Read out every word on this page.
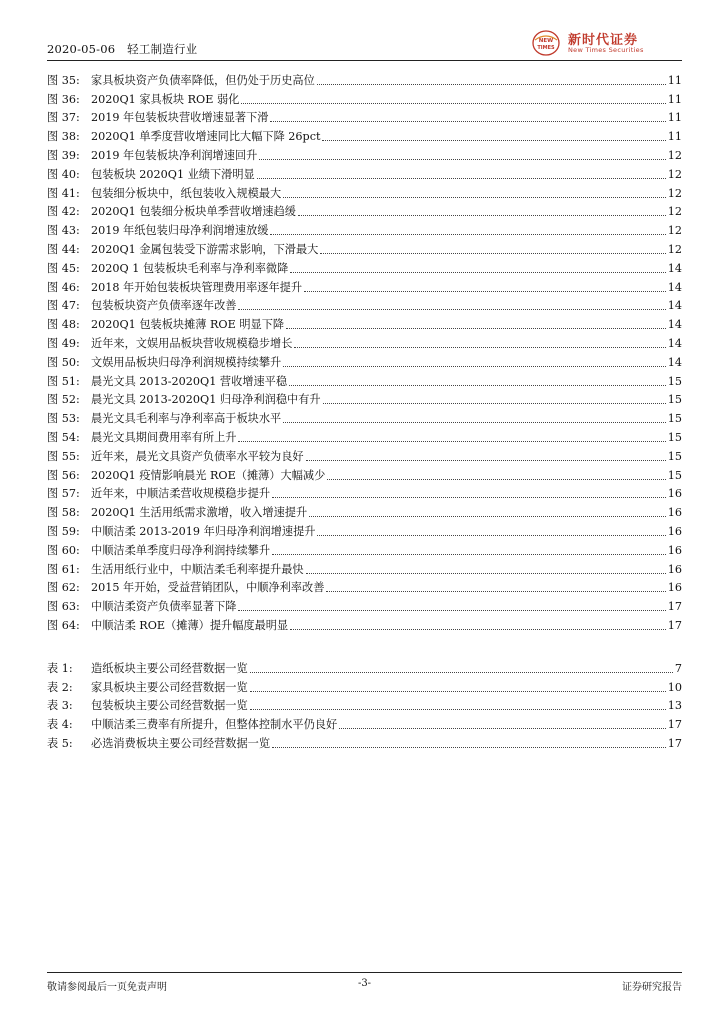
2020-05-06 轻工制造行业
NEW
TIMES 新时代证券
New Times Securities
图 35:	家具板块资产负债率降低，但仍处于历史高位	11
图 36:	2020Q1 家具板块 ROE 弱化	11
图 37:	2019 年包装板块营收增速显著下滑	11
图 38:	2020Q1 单季度营收增速同比大幅下降 26pct	11
图 39:	2019 年包装板块净利润增速回升	12
图 40:	包装板块 2020Q1 业绩下滑明显	12
图 41:	包装细分板块中，纸包装收入规模最大	12
图 42:	2020Q1 包装细分板块单季营收增速趋缓	12
图 43:	2019 年纸包装归母净利润增速放缓	12
图 44:	2020Q1 金属包装受下游需求影响，下滑最大	12
图 45:	2020Q 1 包装板块毛利率与净利率微降	14
图 46:	2018 年开始包装板块管理费用率逐年提升	14
图 47:	包装板块资产负债率逐年改善	14
图 48:	2020Q1 包装板块摊薄 ROE 明显下降	14
图 49:	近年来，文娱用品板块营收规模稳步增长	14
图 50:	文娱用品板块归母净利润规模持续攀升	14
图 51:	晨光文具 2013-2020Q1 营收增速平稳	15
图 52:	晨光文具 2013-2020Q1 归母净利润稳中有升	15
图 53:	晨光文具毛利率与净利率高于板块水平	15
图 54:	晨光文具期间费用率有所上升	15
图 55:	近年来，晨光文具资产负债率水平较为良好	15
图 56:	2020Q1 疫情影响晨光 ROE（摊薄）大幅减少	15
图 57:	近年来，中顺洁柔营收规模稳步提升	16
图 58:	2020Q1 生活用纸需求激增，收入增速提升	16
图 59:	中顺洁柔 2013-2019 年归母净利润增速提升	16
图 60:	中顺洁柔单季度归母净利润持续攀升	16
图 61:	生活用纸行业中，中顺洁柔毛利率提升最快	16
图 62:	2015 年开始，受益营销团队，中顺净利率改善	16
图 63:	中顺洁柔资产负债率显著下降	17
图 64:	中顺洁柔 ROE（摊薄）提升幅度最明显	17
表 1:	造纸板块主要公司经营数据一览	7
表 2:	家具板块主要公司经营数据一览	10
表 3:	包装板块主要公司经营数据一览	13
表 4:	中顺洁柔三费率有所提升，但整体控制水平仍良好	17
表 5:	必选消费板块主要公司经营数据一览	17
敬请参阅最后一页免责声明	-3-	证券研究报告
